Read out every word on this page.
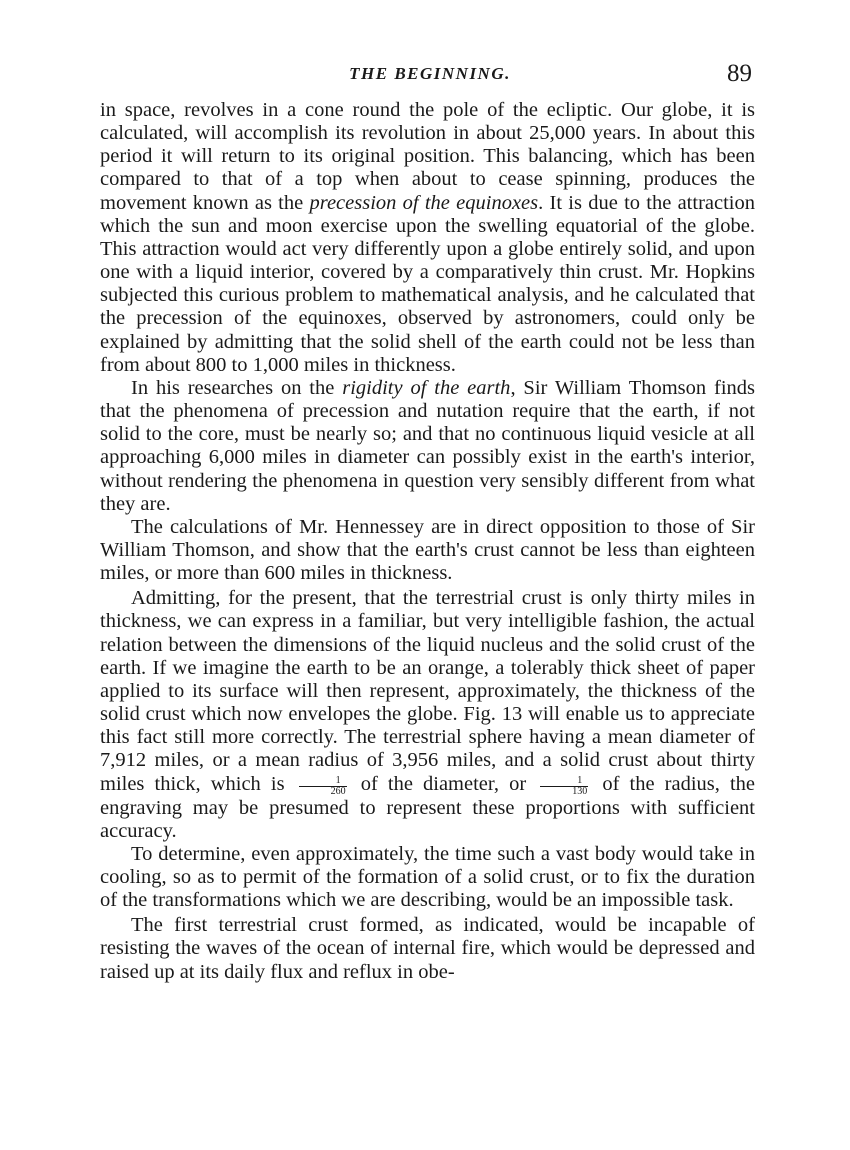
THE BEGINNING.	89

in space, revolves in a cone round the pole of the ecliptic. Our globe, it is calculated, will accomplish its revolution in about 25,000 years. In about this period it will return to its original position. This balancing, which has been compared to that of a top when about to cease spinning, produces the movement known as the precession of the equinoxes. It is due to the attraction which the sun and moon exercise upon the swelling equatorial of the globe. This attraction would act very differently upon a globe entirely solid, and upon one with a liquid interior, covered by a comparatively thin crust. Mr. Hopkins subjected this curious problem to mathematical analysis, and he calculated that the precession of the equinoxes, observed by astronomers, could only be explained by admitting that the solid shell of the earth could not be less than from about 800 to 1,000 miles in thickness.

In his researches on the rigidity of the earth, Sir William Thomson finds that the phenomena of precession and nutation require that the earth, if not solid to the core, must be nearly so; and that no continuous liquid vesicle at all approaching 6,000 miles in diameter can possibly exist in the earth's interior, without rendering the phenomena in question very sensibly different from what they are.

The calculations of Mr. Hennessey are in direct opposition to those of Sir William Thomson, and show that the earth's crust cannot be less than eighteen miles, or more than 600 miles in thickness.

Admitting, for the present, that the terrestrial crust is only thirty miles in thickness, we can express in a familiar, but very intelligible fashion, the actual relation between the dimensions of the liquid nucleus and the solid crust of the earth. If we imagine the earth to be an orange, a tolerably thick sheet of paper applied to its surface will then represent, approximately, the thickness of the solid crust which now envelopes the globe. Fig. 13 will enable us to appreciate this fact still more correctly. The terrestrial sphere having a mean diameter of 7,912 miles, or a mean radius of 3,956 miles, and a solid crust about thirty miles thick, which is $\frac{1}{260}$ of the diameter, or $\frac{1}{130}$ of the radius, the engraving may be presumed to represent these proportions with sufficient accuracy.

To determine, even approximately, the time such a vast body would take in cooling, so as to permit of the formation of a solid crust, or to fix the duration of the transformations which we are describing, would be an impossible task.

The first terrestrial crust formed, as indicated, would be incapable of resisting the waves of the ocean of internal fire, which would be depressed and raised up at its daily flux and reflux in obe-
